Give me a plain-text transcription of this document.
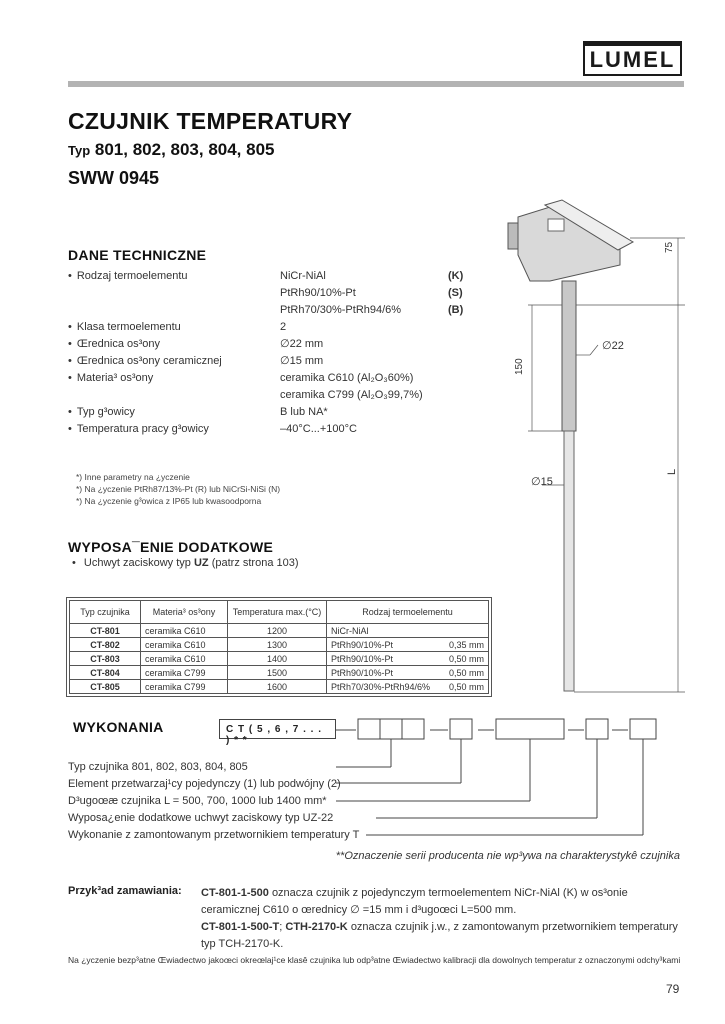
LUMEL
CZUJNIK TEMPERATURY
Typ 801, 802, 803, 804, 805
SWW 0945
75
150
∅22
∅15
L
DANE TECHNICZNE
• Rodzaj termoelementu	NiCr-NiAl	(K)
PtRh90/10%-Pt	(S)
PtRh70/30%-PtRh94/6%	(B)
• Klasa termoelementu	2
• Œrednica os³ony	∅22 mm
• Œrednica os³ony ceramicznej	∅15 mm
• Materia³ os³ony	ceramika C610 (Al₂O₃60%)
ceramika C799 (Al₂O₃99,7%)
• Typ g³owicy	B lub NA*
• Temperatura pracy g³owicy	–40°C...+100°C
*) Inne parametry na ¿yczenie
*) Na ¿yczenie PtRh87/13%-Pt (R) lub NiCrSi-NiSi (N)
*) Na ¿yczenie g³owica z IP65 lub kwasoodporna
WYPOSA¯ENIE DODATKOWE
• Uchwyt zaciskowy typ UZ (patrz strona 103)
Typ czujnika	Materia³ os³ony	Temperatura max.(°C)	Rodzaj termoelementu	
CT-801	ceramika C610	1200	NiCr-NiAl	
CT-802	ceramika C610	1300	PtRh90/10%-Pt	0,35 mm
CT-803	ceramika C610	1400	PtRh90/10%-Pt	0,50 mm
CT-804	ceramika C799	1500	PtRh90/10%-Pt	0,50 mm
CT-805	ceramika C799	1600	PtRh70/30%-PtRh94/6%	0,50 mm
WYKONANIA	C T ( 5 , 6 , 7 . . . ) * *
Typ czujnika 801, 802, 803, 804, 805
Element przetwarzaj¹cy pojedynczy (1) lub podwójny (2)
D³ugoœæ czujnika L = 500, 700, 1000 lub 1400 mm*
Wyposa¿enie dodatkowe uchwyt zaciskowy typ UZ-22
Wykonanie z zamontowanym przetwornikiem temperatury T
**Oznaczenie serii producenta nie wp³ywa na charakterystykê czujnika
Przyk³ad zamawiania: CT-801-1-500 oznacza czujnik z pojedynczym termoelementem NiCr-NiAl (K) w os³onie ceramicznej C610 o œrednicy ∅ =15 mm i d³ugoœci L=500 mm.
CT-801-1-500-T; CTH-2170-K oznacza czujnik j.w., z zamontowanym przetwornikiem temperatury typ TCH-2170-K.
Na ¿yczenie bezp³atne Œwiadectwo jakoœci okreœlaj¹ce klasê czujnika lub odp³atne Œwiadectwo kalibracji dla dowolnych temperatur z oznaczonymi odchy³kami
79
